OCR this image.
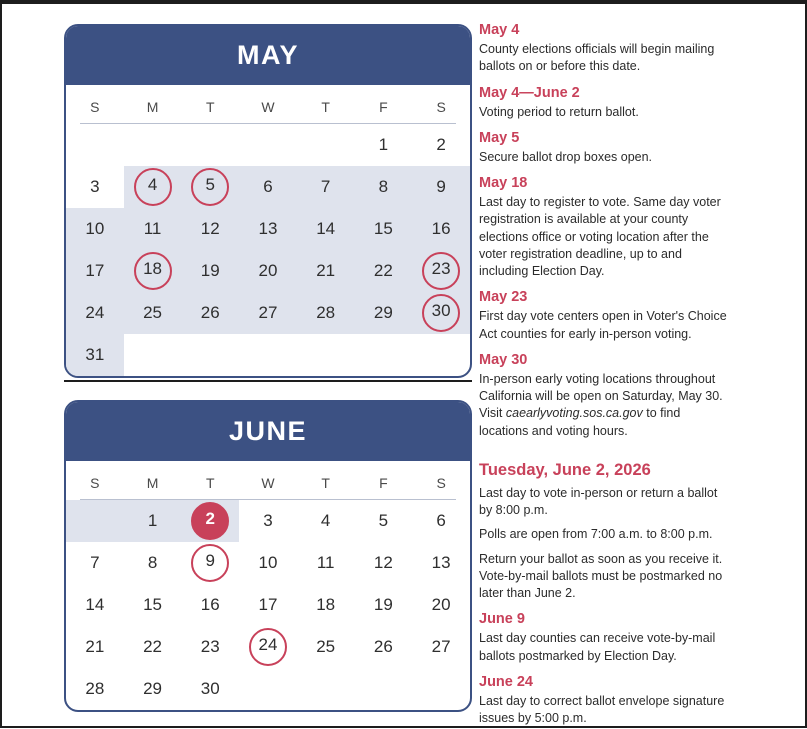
MAY
S	M	T	W	T	F	S

					1	2
3	4	5	6	7	8	9
10	11	12	13	14	15	16
17	18	19	20	21	22	23
24	25	26	27	28	29	30
31						
JUNE
S	M	T	W	T	F	S

	1	2	3	4	5	6
7	8	9	10	11	12	13
14	15	16	17	18	19	20
21	22	23	24	25	26	27
28	29	30				
May 4

County elections officials will begin mailing ballots on or before this date.

May 4—June 2

Voting period to return ballot.

May 5

Secure ballot drop boxes open.

May 18

Last day to register to vote. Same day voter registration is available at your county elections office or voting location after the voter registration deadline, up to and including Election Day.

May 23

First day vote centers open in Voter's Choice Act counties for early in-person voting.

May 30

In-person early voting locations throughout California will be open on Saturday, May 30. Visit caearlyvoting.sos.ca.gov to find locations and voting hours.

Tuesday, June 2, 2026

Last day to vote in-person or return a ballot by 8:00 p.m.

Polls are open from 7:00 a.m. to 8:00 p.m.

Return your ballot as soon as you receive it. Vote-by-mail ballots must be postmarked no later than June 2.

June 9

Last day counties can receive vote-by-mail ballots postmarked by Election Day.

June 24

Last day to correct ballot envelope signature issues by 5:00 p.m.
